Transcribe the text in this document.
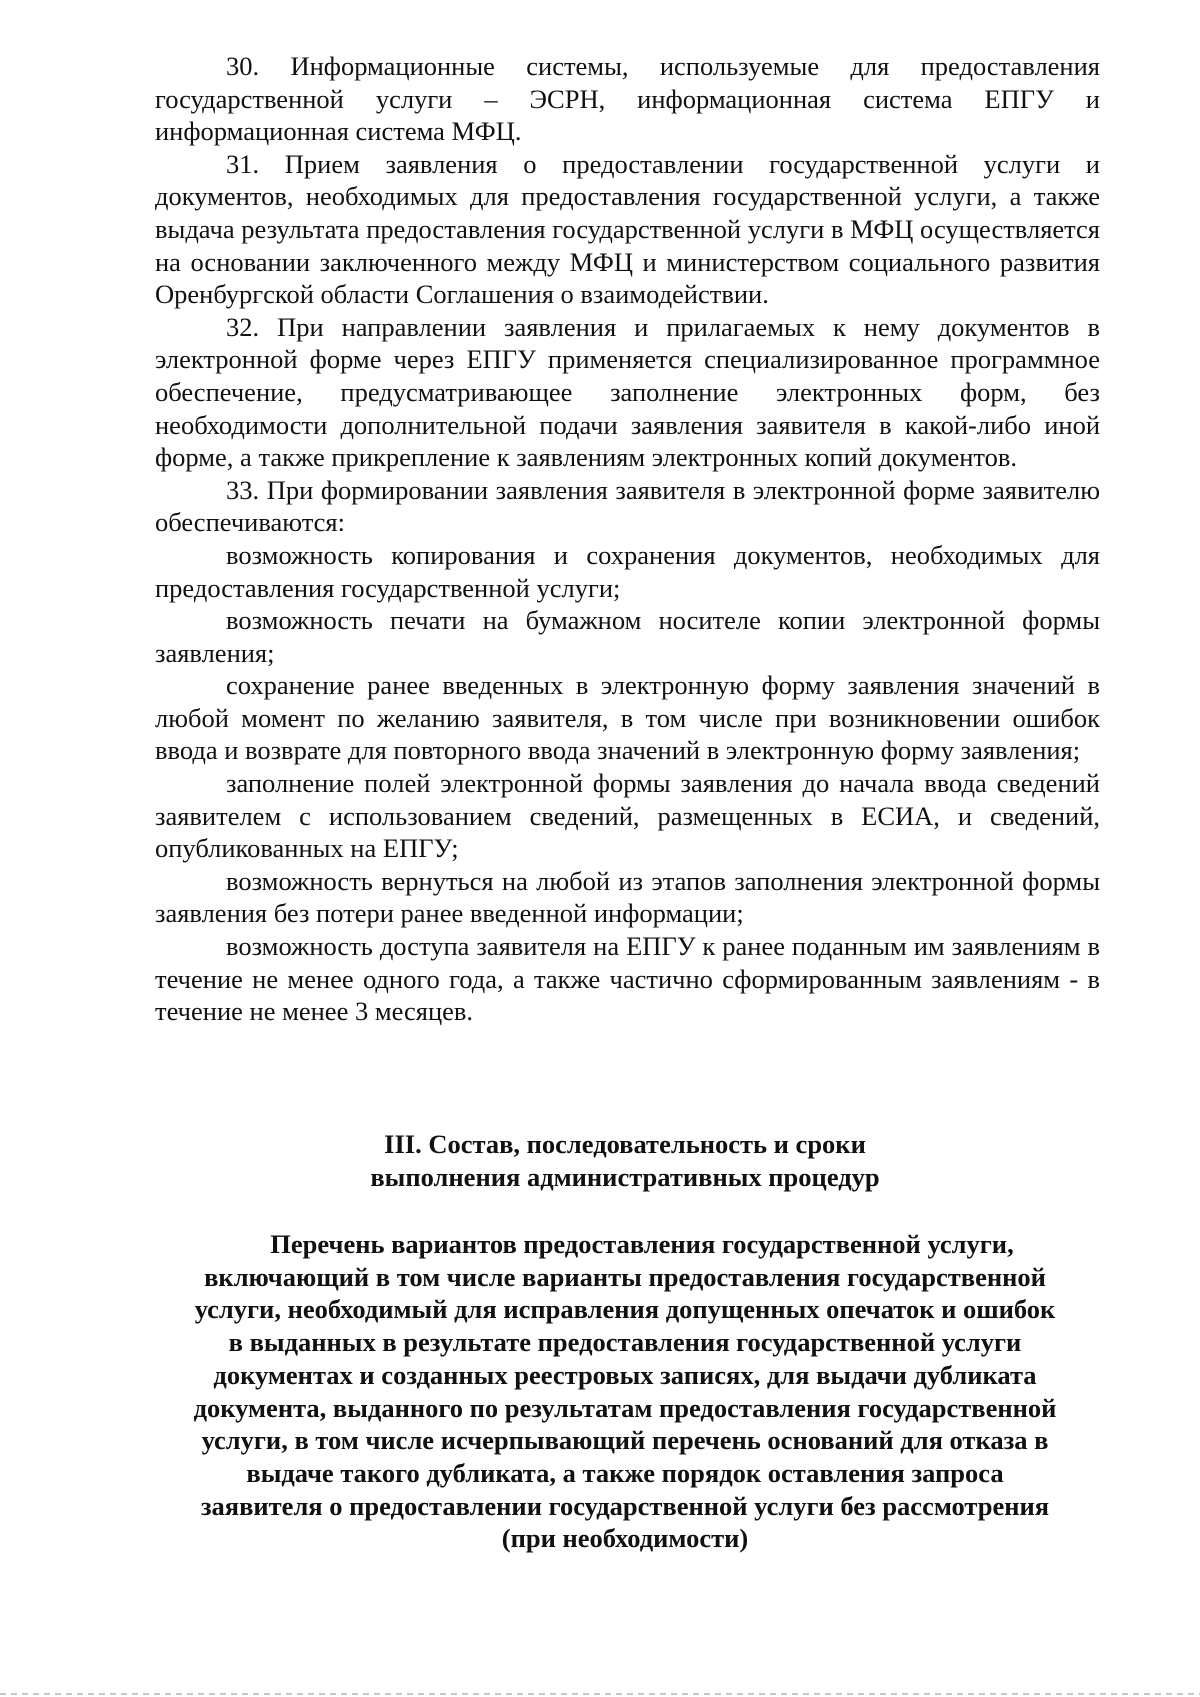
30. Информационные системы, используемые для предоставления государственной услуги – ЭСРН, информационная система ЕПГУ и информационная система МФЦ.

31. Прием заявления о предоставлении государственной услуги и документов, необходимых для предоставления государственной услуги, а также выдача результата предоставления государственной услуги в МФЦ осуществляется на основании заключенного между МФЦ и министерством социального развития Оренбургской области Соглашения о взаимодействии.

32. При направлении заявления и прилагаемых к нему документов в электронной форме через ЕПГУ применяется специализированное программное обеспечение, предусматривающее заполнение электронных форм, без необходимости дополнительной подачи заявления заявителя в какой-либо иной форме, а также прикрепление к заявлениям электронных копий документов.

33. При формировании заявления заявителя в электронной форме заявителю обеспечиваются:

возможность копирования и сохранения документов, необходимых для предоставления государственной услуги;

возможность печати на бумажном носителе копии электронной формы заявления;

сохранение ранее введенных в электронную форму заявления значений в любой момент по желанию заявителя, в том числе при возникновении ошибок ввода и возврате для повторного ввода значений в электронную форму заявления;

заполнение полей электронной формы заявления до начала ввода сведений заявителем с использованием сведений, размещенных в ЕСИА, и сведений, опубликованных на ЕПГУ;

возможность вернуться на любой из этапов заполнения электронной формы заявления без потери ранее введенной информации;

возможность доступа заявителя на ЕПГУ к ранее поданным им заявлениям в течение не менее одного года, а также частично сформированным заявлениям - в течение не менее 3 месяцев.

III. Состав, последовательность и сроки
выполнения административных процедур
Перечень вариантов предоставления государственной услуги,
включающий в том числе варианты предоставления государственной
услуги, необходимый для исправления допущенных опечаток и ошибок
в выданных в результате предоставления государственной услуги
документах и созданных реестровых записях, для выдачи дубликата
документа, выданного по результатам предоставления государственной
услуги, в том числе исчерпывающий перечень оснований для отказа в
выдаче такого дубликата, а также порядок оставления запроса
заявителя о предоставлении государственной услуги без рассмотрения
(при необходимости)
